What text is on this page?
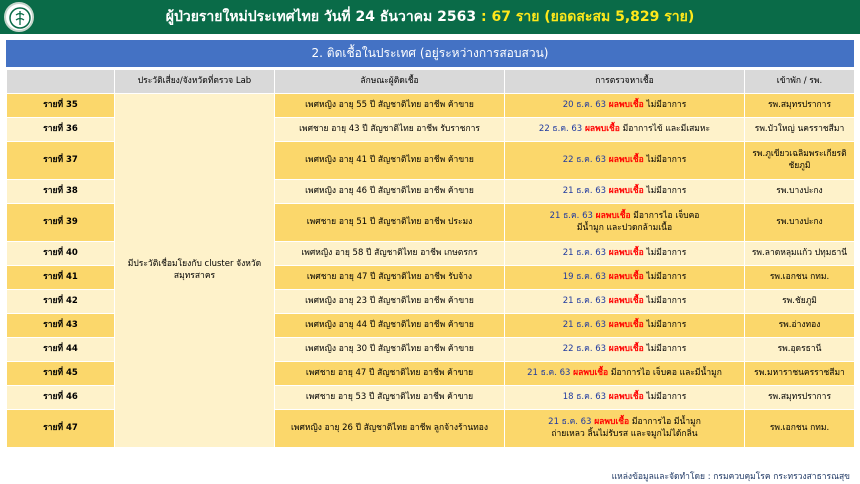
ผู้ป่วยรายใหม่ประเทศไทย วันที่ 24 ธันวาคม 2563 : 67 ราย (ยอดสะสม 5,829 ราย)
2. ติดเชื้อในประเทศ (อยู่ระหว่างการสอบสวน)
	ประวัติเสี่ยง/จังหวัดที่ตรวจ Lab	ลักษณะผู้ติดเชื้อ	การตรวจหาเชื้อ	เข้าพัก / รพ.
รายที่ 35	มีประวัติเชื่อมโยงกับ cluster จังหวัดสมุทรสาคร	เพศหญิง อายุ 55 ปี สัญชาติไทย อาชีพ ค้าขาย	20 ธ.ค. 63 ผลพบเชื้อ ไม่มีอาการ	รพ.สมุทรปราการ
รายที่ 36		เพศชาย อายุ 43 ปี สัญชาติไทย อาชีพ รับราชการ	22 ธ.ค. 63 ผลพบเชื้อ มีอาการไข้ และมีเสมหะ	รพ.บัวใหญ่ นครราชสีมา
รายที่ 37		เพศหญิง อายุ 41 ปี สัญชาติไทย อาชีพ ค้าขาย	22 ธ.ค. 63 ผลพบเชื้อ ไม่มีอาการ	รพ.ภูเขียวเฉลิมพระเกียรติ ชัยภูมิ
รายที่ 38		เพศหญิง อายุ 46 ปี สัญชาติไทย อาชีพ ค้าขาย	21 ธ.ค. 63 ผลพบเชื้อ ไม่มีอาการ	รพ.บางปะกง
รายที่ 39		เพศชาย อายุ 51 ปี สัญชาติไทย อาชีพ ประมง	21 ธ.ค. 63 ผลพบเชื้อ มีอาการไอ เจ็บคอ
มีน้ำมูก และปวดกล้ามเนื้อ	รพ.บางปะกง
รายที่ 40		เพศหญิง อายุ 58 ปี สัญชาติไทย อาชีพ เกษตรกร	21 ธ.ค. 63 ผลพบเชื้อ ไม่มีอาการ	รพ.ลาดหลุมแก้ว ปทุมธานี
รายที่ 41		เพศชาย อายุ 47 ปี สัญชาติไทย อาชีพ รับจ้าง	19 ธ.ค. 63 ผลพบเชื้อ ไม่มีอาการ	รพ.เอกชน กทม.
รายที่ 42		เพศหญิง อายุ 23 ปี สัญชาติไทย อาชีพ ค้าขาย	21 ธ.ค. 63 ผลพบเชื้อ ไม่มีอาการ	รพ.ชัยภูมิ
รายที่ 43		เพศหญิง อายุ 44 ปี สัญชาติไทย อาชีพ ค้าขาย	21 ธ.ค. 63 ผลพบเชื้อ ไม่มีอาการ	รพ.อ่างทอง
รายที่ 44		เพศหญิง อายุ 30 ปี สัญชาติไทย อาชีพ ค้าขาย	22 ธ.ค. 63 ผลพบเชื้อ ไม่มีอาการ	รพ.อุดรธานี
รายที่ 45		เพศชาย อายุ 47 ปี สัญชาติไทย อาชีพ ค้าขาย	21 ธ.ค. 63 ผลพบเชื้อ มีอาการไอ เจ็บคอ และมีน้ำมูก	รพ.มหาราชนครราชสีมา
รายที่ 46		เพศชาย อายุ 53 ปี สัญชาติไทย อาชีพ ค้าขาย	18 ธ.ค. 63 ผลพบเชื้อ ไม่มีอาการ	รพ.สมุทรปราการ
รายที่ 47		เพศหญิง อายุ 26 ปี สัญชาติไทย อาชีพ ลูกจ้างร้านทอง	21 ธ.ค. 63 ผลพบเชื้อ มีอาการไอ มีน้ำมูก
ถ่ายเหลว ลิ้นไม่รับรส และจมูกไม่ได้กลิ่น	รพ.เอกชน กทม.
แหล่งข้อมูลและจัดทำโดย : กรมควบคุมโรค กระทรวงสาธารณสุข
